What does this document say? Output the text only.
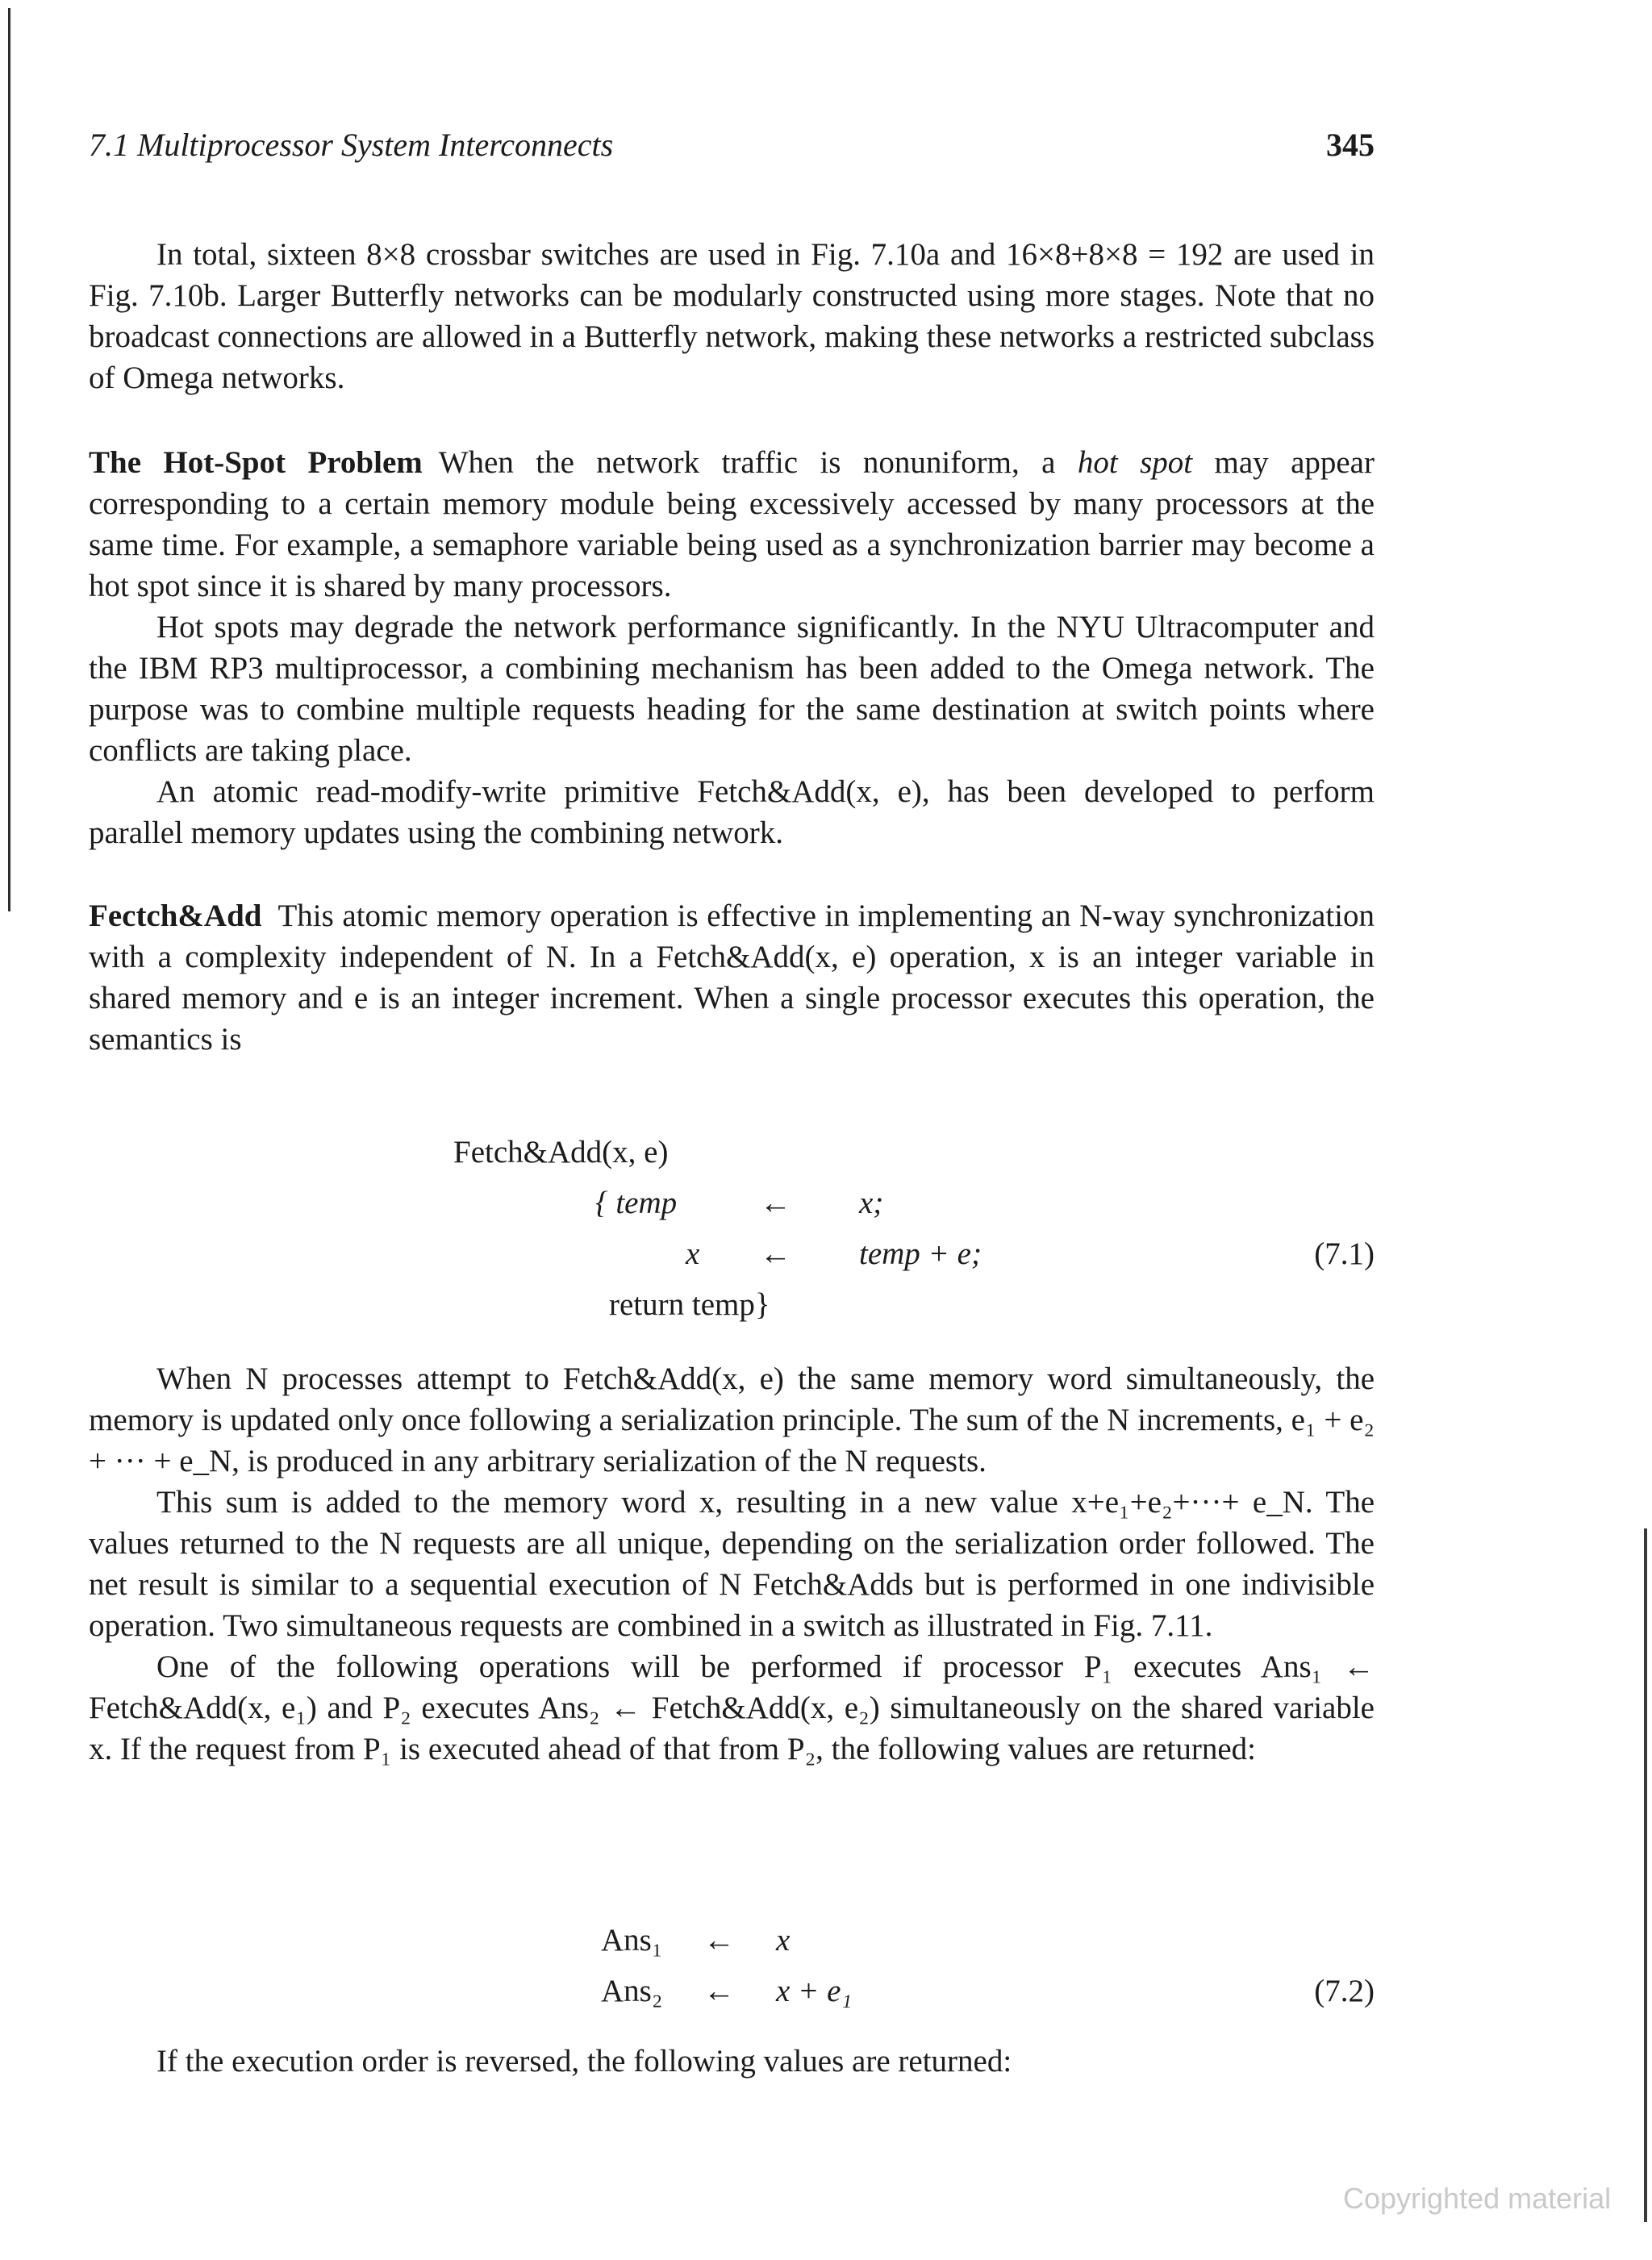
7.1 Multiprocessor System Interconnects	345

In total, sixteen 8×8 crossbar switches are used in Fig. 7.10a and 16×8+8×8 = 192 are used in Fig. 7.10b. Larger Butterfly networks can be modularly constructed using more stages. Note that no broadcast connections are allowed in a Butterfly network, making these networks a restricted subclass of Omega networks.

The Hot-Spot Problem When the network traffic is nonuniform, a hot spot may appear corresponding to a certain memory module being excessively accessed by many processors at the same time. For example, a semaphore variable being used as a synchronization barrier may become a hot spot since it is shared by many processors.

Hot spots may degrade the network performance significantly. In the NYU Ultracomputer and the IBM RP3 multiprocessor, a combining mechanism has been added to the Omega network. The purpose was to combine multiple requests heading for the same destination at switch points where conflicts are taking place.

An atomic read-modify-write primitive Fetch&Add(x, e), has been developed to perform parallel memory updates using the combining network.

Fectch&Add This atomic memory operation is effective in implementing an N-way synchronization with a complexity independent of N. In a Fetch&Add(x, e) operation, x is an integer variable in shared memory and e is an integer increment. When a single processor executes this operation, the semantics is

Fetch&Add(x, e)
{ temp	← x;
x ← temp + e;	(7.1)
return temp}

When N processes attempt to Fetch&Add(x, e) the same memory word simultaneously, the memory is updated only once following a serialization principle. The sum of the N increments, e₁ + e₂ + ··· + e_N, is produced in any arbitrary serialization of the N requests.

This sum is added to the memory word x, resulting in a new value x+e₁+e₂+···+ e_N. The values returned to the N requests are all unique, depending on the serialization order followed. The net result is similar to a sequential execution of N Fetch&Adds but is performed in one indivisible operation. Two simultaneous requests are combined in a switch as illustrated in Fig. 7.11.

One of the following operations will be performed if processor P₁ executes Ans₁ ← Fetch&Add(x, e₁) and P₂ executes Ans₂ ← Fetch&Add(x, e₂) simultaneously on the shared variable x. If the request from P₁ is executed ahead of that from P₂, the following values are returned:

Ans₁ ← x
Ans₂ ← x + e₁	(7.2)

If the execution order is reversed, the following values are returned:

Copyrighted material
